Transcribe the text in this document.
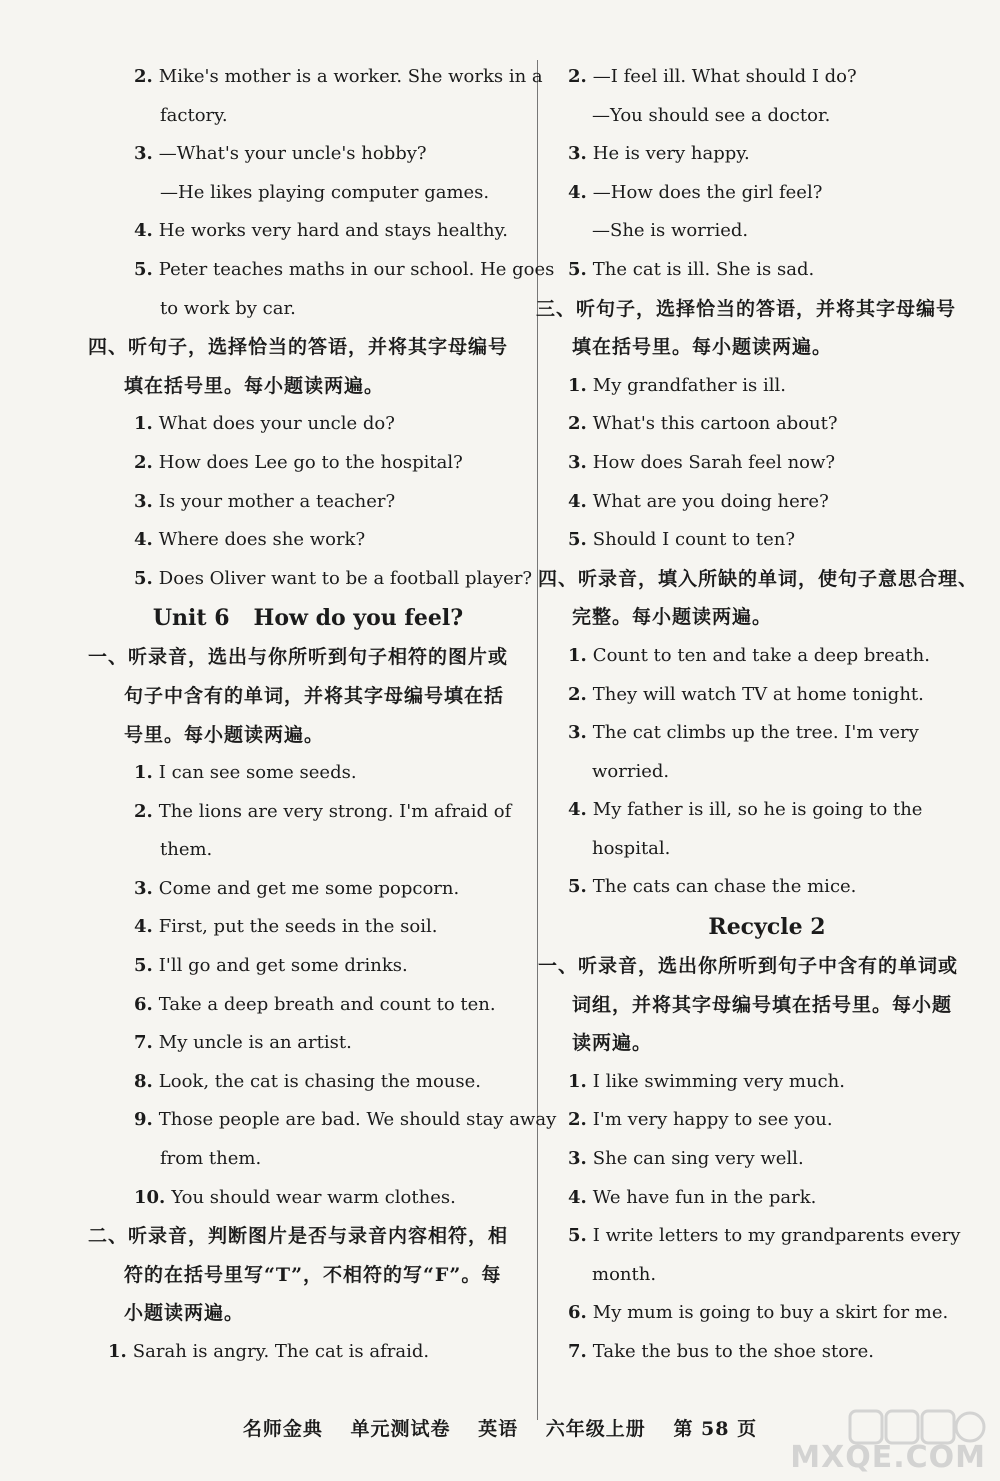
2. Mike's mother is a worker. She works in a
factory.
3. —What's your uncle's hobby?
—He likes playing computer games.
4. He works very hard and stays healthy.
5. Peter teaches maths in our school. He goes
to work by car.
四、听句子，选择恰当的答语，并将其字母编号
填在括号里。每小题读两遍。
1. What does your uncle do?
2. How does Lee go to the hospital?
3. Is your mother a teacher?
4. Where does she work?
5. Does Oliver want to be a football player?
Unit 6 How do you feel?
一、听录音，选出与你所听到句子相符的图片或
句子中含有的单词，并将其字母编号填在括
号里。每小题读两遍。
1. I can see some seeds.
2. The lions are very strong. I'm afraid of
them.
3. Come and get me some popcorn.
4. First, put the seeds in the soil.
5. I'll go and get some drinks.
6. Take a deep breath and count to ten.
7. My uncle is an artist.
8. Look, the cat is chasing the mouse.
9. Those people are bad. We should stay away
from them.
10. You should wear warm clothes.
二、听录音，判断图片是否与录音内容相符，相
符的在括号里写“T”，不相符的写“F”。每
小题读两遍。
1. Sarah is angry. The cat is afraid.
2. —I feel ill. What should I do?
—You should see a doctor.
3. He is very happy.
4. —How does the girl feel?
—She is worried.
5. The cat is ill. She is sad.
三、听句子，选择恰当的答语，并将其字母编号
填在括号里。每小题读两遍。
1. My grandfather is ill.
2. What's this cartoon about?
3. How does Sarah feel now?
4. What are you doing here?
5. Should I count to ten?
四、听录音，填入所缺的单词，使句子意思合理、
完整。每小题读两遍。
1. Count to ten and take a deep breath.
2. They will watch TV at home tonight.
3. The cat climbs up the tree. I'm very
worried.
4. My father is ill, so he is going to the
hospital.
5. The cats can chase the mice.
Recycle 2
一、听录音，选出你所听到句子中含有的单词或
词组，并将其字母编号填在括号里。每小题
读两遍。
1. I like swimming very much.
2. I'm very happy to see you.
3. She can sing very well.
4. We have fun in the park.
5. I write letters to my grandparents every
month.
6. My mum is going to buy a skirt for me.
7. Take the bus to the shoe store.
名师金典 单元测试卷 英语 六年级上册 第 58 页
MXQE.COM
